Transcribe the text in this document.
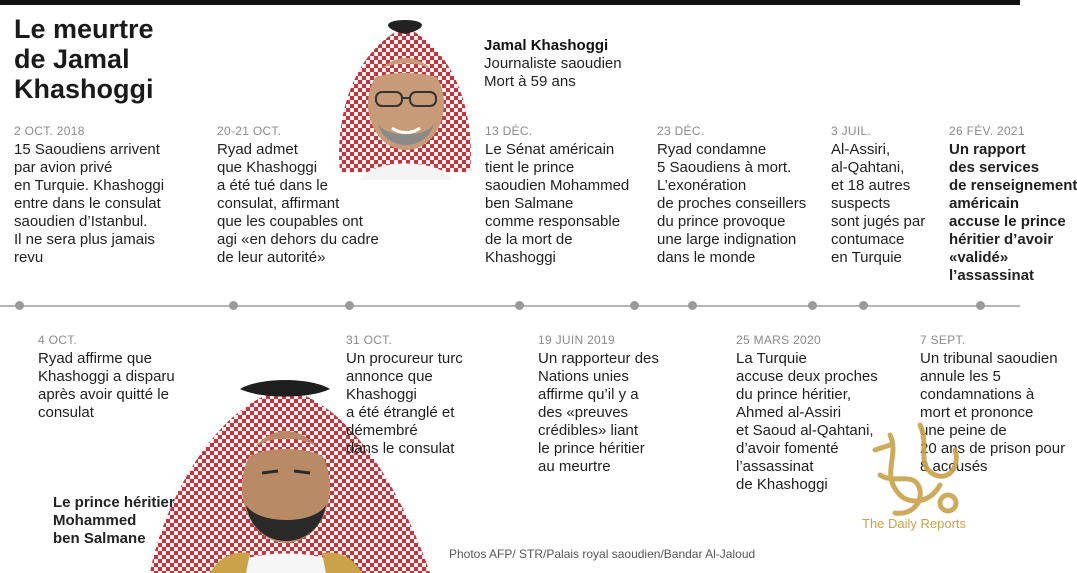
Le meurtre
de Jamal
Khashoggi
Jamal Khashoggi
Journaliste saoudien
Mort à 59 ans
Le prince héritier
Mohammed
ben Salmane
2 OCT. 2018
15 Saoudiens arrivent
par avion privé
en Turquie. Khashoggi
entre dans le consulat
saoudien d’Istanbul.
Il ne sera plus jamais
revu
20-21 OCT.
Ryad admet
que Khashoggi
a été tué dans le
consulat, affirmant
que les coupables ont
agi «en dehors du cadre
de leur autorité»
13 DÉC.
Le Sénat américain
tient le prince
saoudien Mohammed
ben Salmane
comme responsable
de la mort de
Khashoggi
23 DÉC.
Ryad condamne
5 Saoudiens à mort.
L’exonération
de proches conseillers
du prince provoque
une large indignation
dans le monde
3 JUIL.
Al-Assiri,
al-Qahtani,
et 18 autres
suspects
sont jugés par
contumace
en Turquie
26 FÉV. 2021
Un rapport
des services
de renseignement
américain
accuse le prince
héritier d’avoir
«validé»
l’assassinat
4 OCT.
Ryad affirme que
Khashoggi a disparu
après avoir quitté le
consulat
31 OCT.
Un procureur turc
annonce que
Khashoggi
a été étranglé et
démembré
dans le consulat
19 JUIN 2019
Un rapporteur des
Nations unies
affirme qu’il y a
des «preuves
crédibles» liant
le prince héritier
au meurtre
25 MARS 2020
La Turquie
accuse deux proches
du prince héritier,
Ahmed al-Assiri
et Saoud al-Qahtani,
d’avoir fomenté
l’assassinat
de Khashoggi
7 SEPT.
Un tribunal saoudien
annule les 5
condamnations à
mort et prononce
une peine de
20 ans de prison pour
8 accusés
The Daily Reports
Photos AFP/ STR/Palais royal saoudien/Bandar Al-Jaloud
